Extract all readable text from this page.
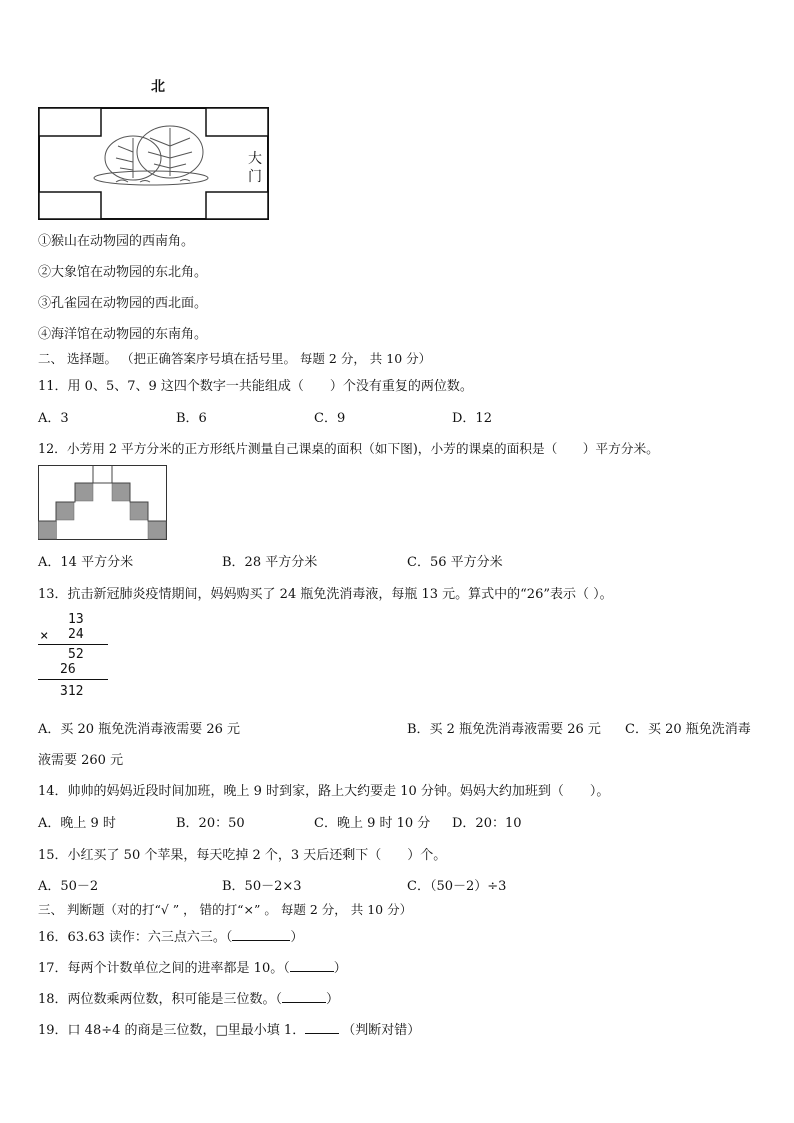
北
大
门
①猴山在动物园的西南角。
②大象馆在动物园的东北角。
③孔雀园在动物园的西北面。
④海洋馆在动物园的东南角。
二、 选择题。 （把正确答案序号填在括号里。 每题 2 分， 共 10 分）
11．用 0、5、7、9 这四个数字一共能组成（　　）个没有重复的两位数。
A．3	B．6	C．9	D．12
12．小芳用 2 平方分米的正方形纸片测量自己课桌的面积（如下图)，小芳的课桌的面积是（　　）平方分米。
A．14 平方分米	B．28 平方分米	C．56 平方分米
13．抗击新冠肺炎疫情期间，妈妈购买了 24 瓶免洗消毒液，每瓶 13 元。算式中的“26”表示（ ）。
13
× 24
52
26
312
A．买 20 瓶免洗消毒液需要 26 元	B．买 2 瓶免洗消毒液需要 26 元 C．买 20 瓶免洗消毒
液需要 260 元
14．帅帅的妈妈近段时间加班，晚上 9 时到家，路上大约要走 10 分钟。妈妈大约加班到（　　）。
A．晚上 9 时	B．20：50	C．晚上 9 时 10 分 D．20：10
15．小红买了 50 个苹果，每天吃掉 2 个，3 天后还剩下（　　）个。
A．50－2	B．50－2×3	C．（50－2）÷3
三、 判断题（对的打“√ ” ， 错的打“×” 。 每题 2 分， 共 10 分）
16．63.63 读作：六三点六三。（	）
17．每两个计数单位之间的进率都是 10。（	）
18．两位数乘两位数，积可能是三位数。（	）
19．口 48÷4 的商是三位数，□里最小填 1．	（判断对错）
